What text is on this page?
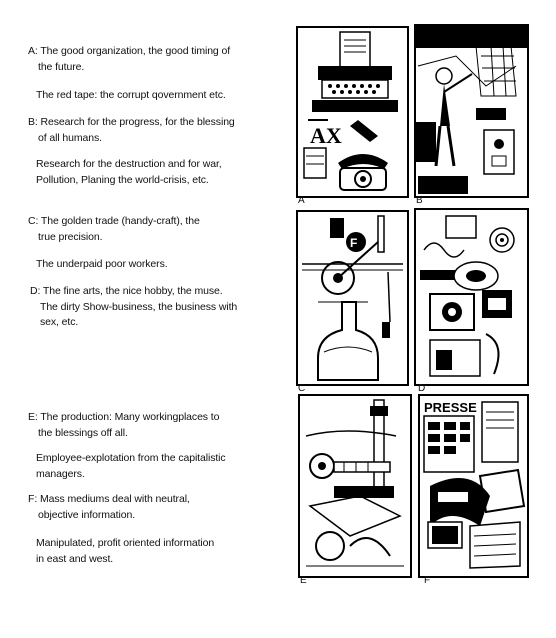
A: The good organization, the good timing of
the future.
The red tape: the corrupt qovernment etc.
B: Research for the progress, for the blessing
of all humans.
Research for the destruction and for war,
Pollution, Planing the world-crisis, etc.
C: The golden trade (handy-craft), the
true precision.
The underpaid poor workers.
D: The fine arts, the nice hobby, the muse.
The dirty Show-business, the business with
sex, etc.
E: The production: Many workingplaces to
the blessings off all.
Employee-explotation from the capitalistic
managers.
F: Mass mediums deal with neutral,
objective information.
Manipulated, profit oriented information
in east and west.
AX
A	B
F
C	D
E
PRESSE
F
